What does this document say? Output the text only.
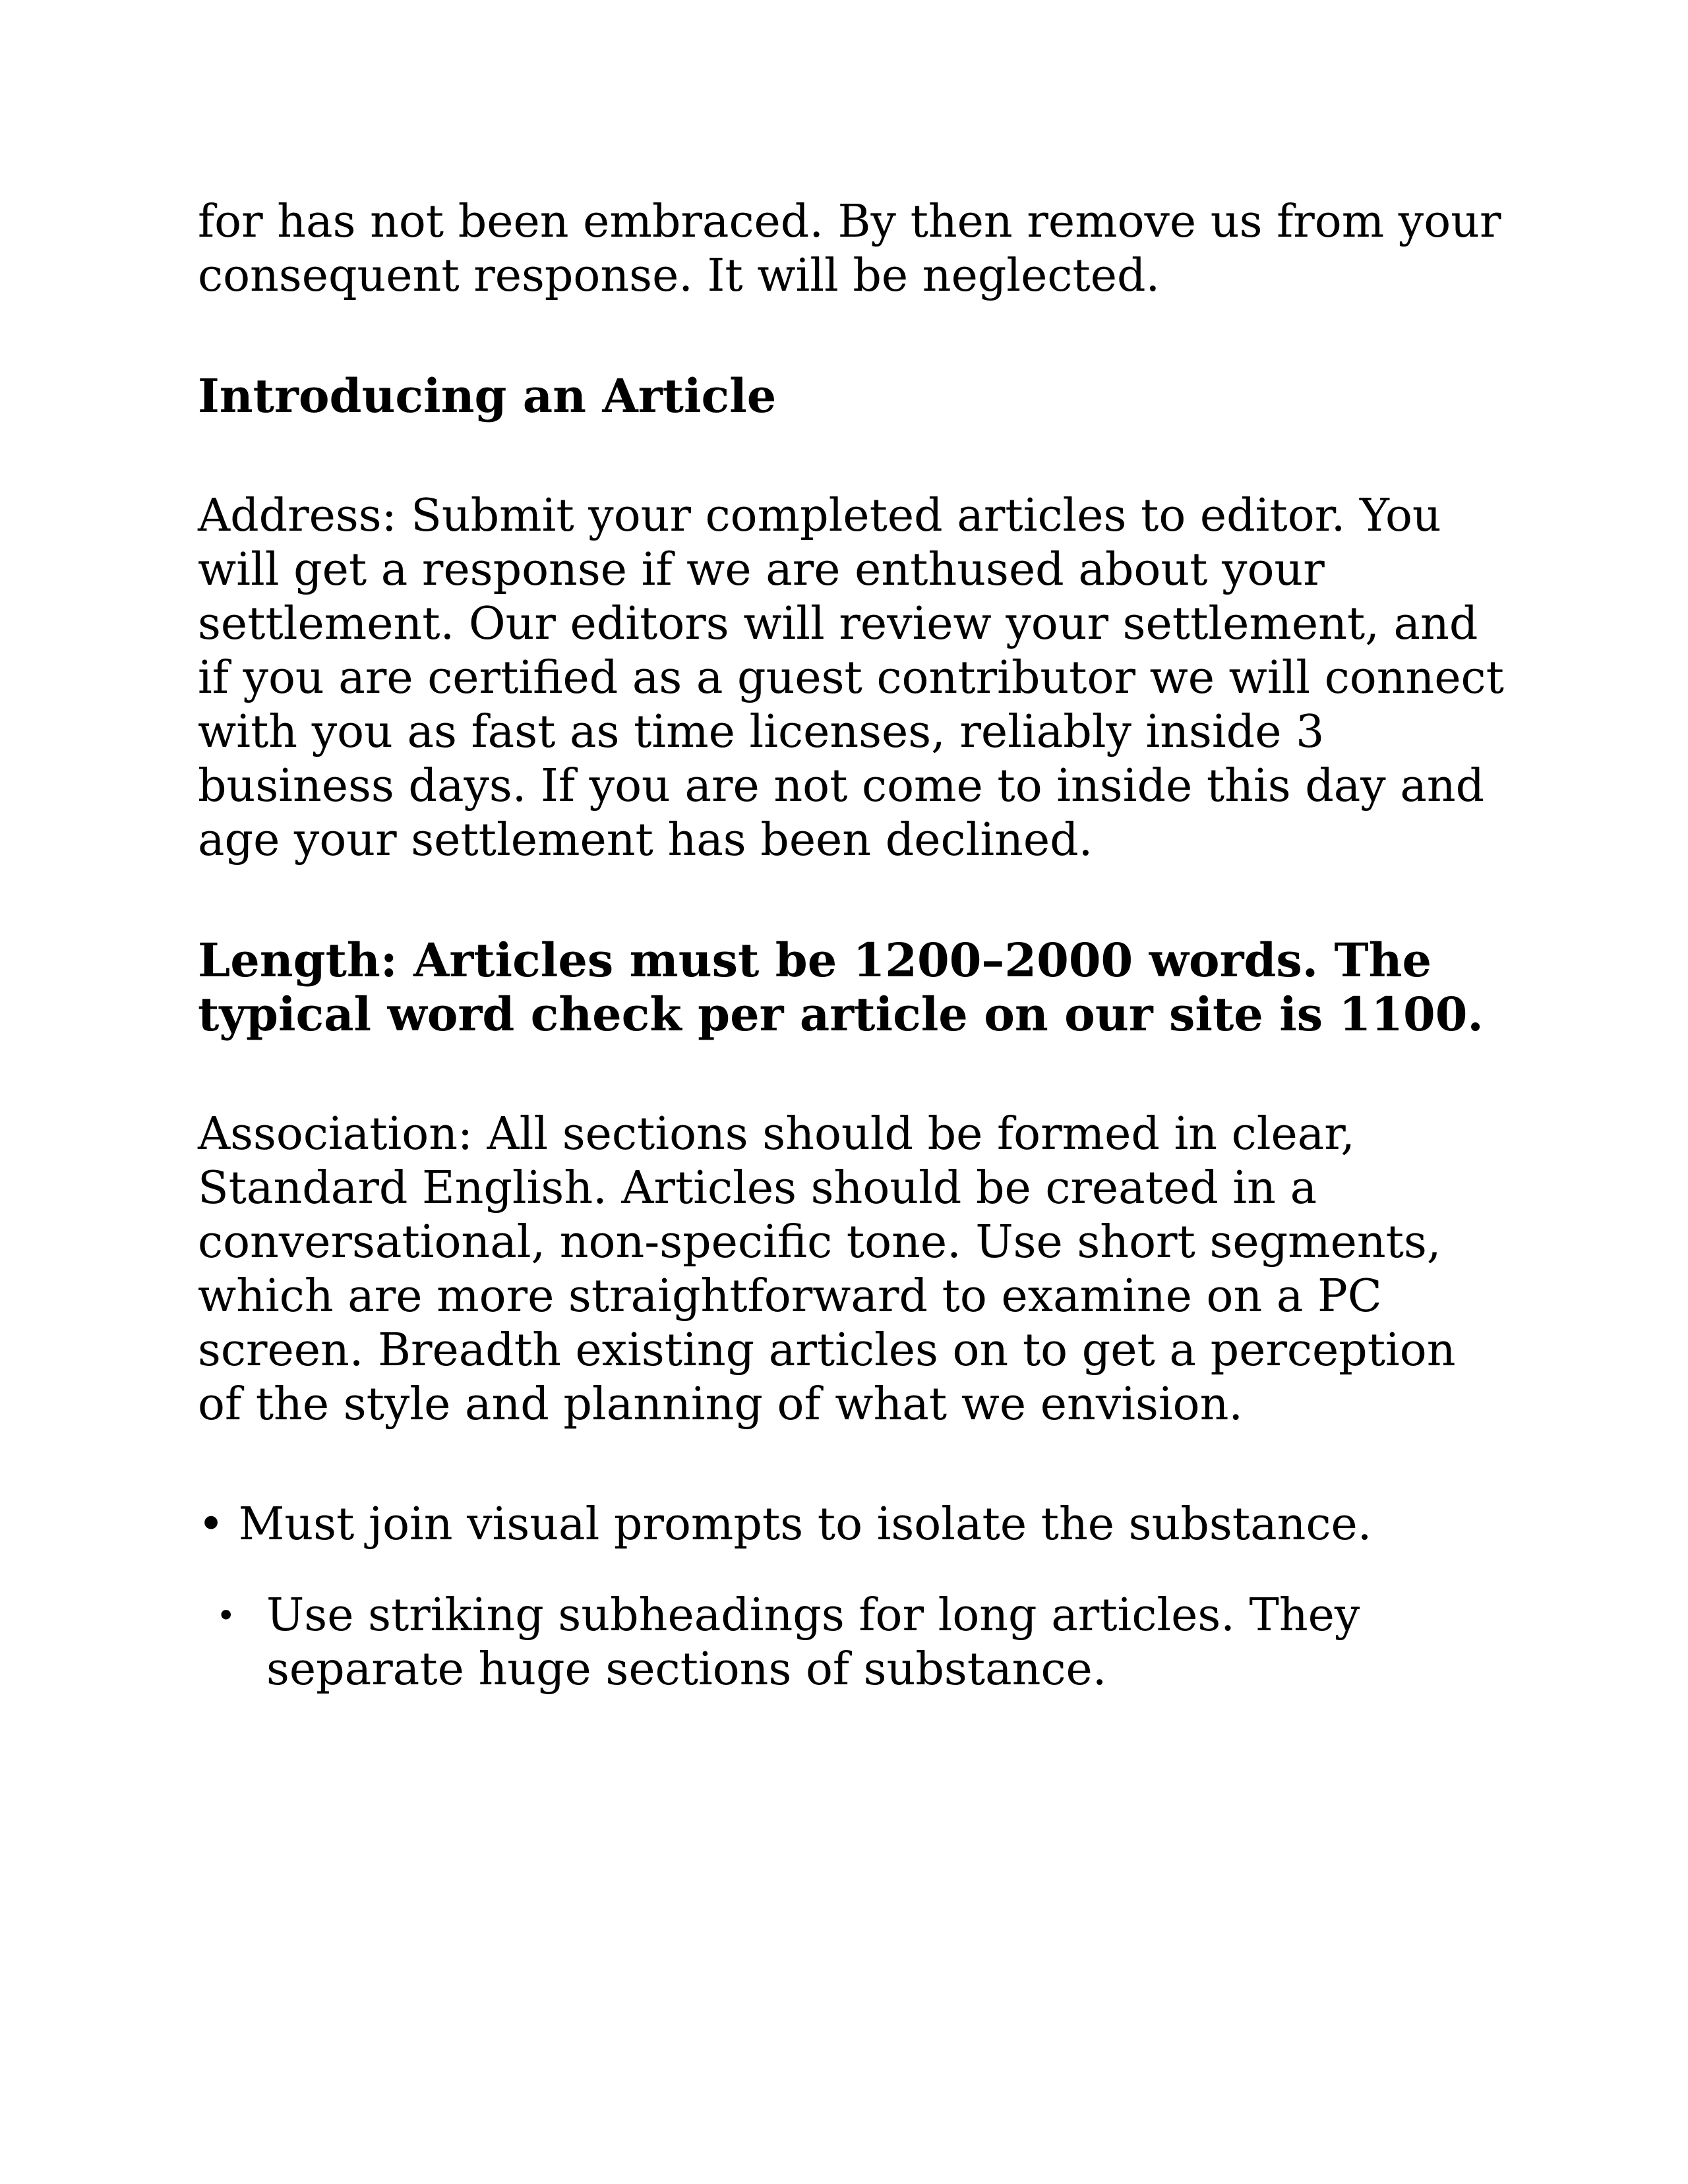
for has not been embraced. By then remove us from your consequent response. It will be neglected.

Introducing an Article

Address: Submit your completed articles to editor. You will get a response if we are enthused about your settlement. Our editors will review your settlement, and if you are certified as a guest contributor we will connect with you as fast as time licenses, reliably inside 3 business days. If you are not come to inside this day and age your settlement has been declined.

Length: Articles must be 1200–2000 words. The typical word check per article on our site is 1100.

Association: All sections should be formed in clear, Standard English. Articles should be created in a conversational, non-specific tone. Use short segments, which are more straightforward to examine on a PC screen. Breadth existing articles on to get a perception of the style and planning of what we envision.

• Must join visual prompts to isolate the substance.

• Use striking subheadings for long articles. They separate huge sections of substance.
